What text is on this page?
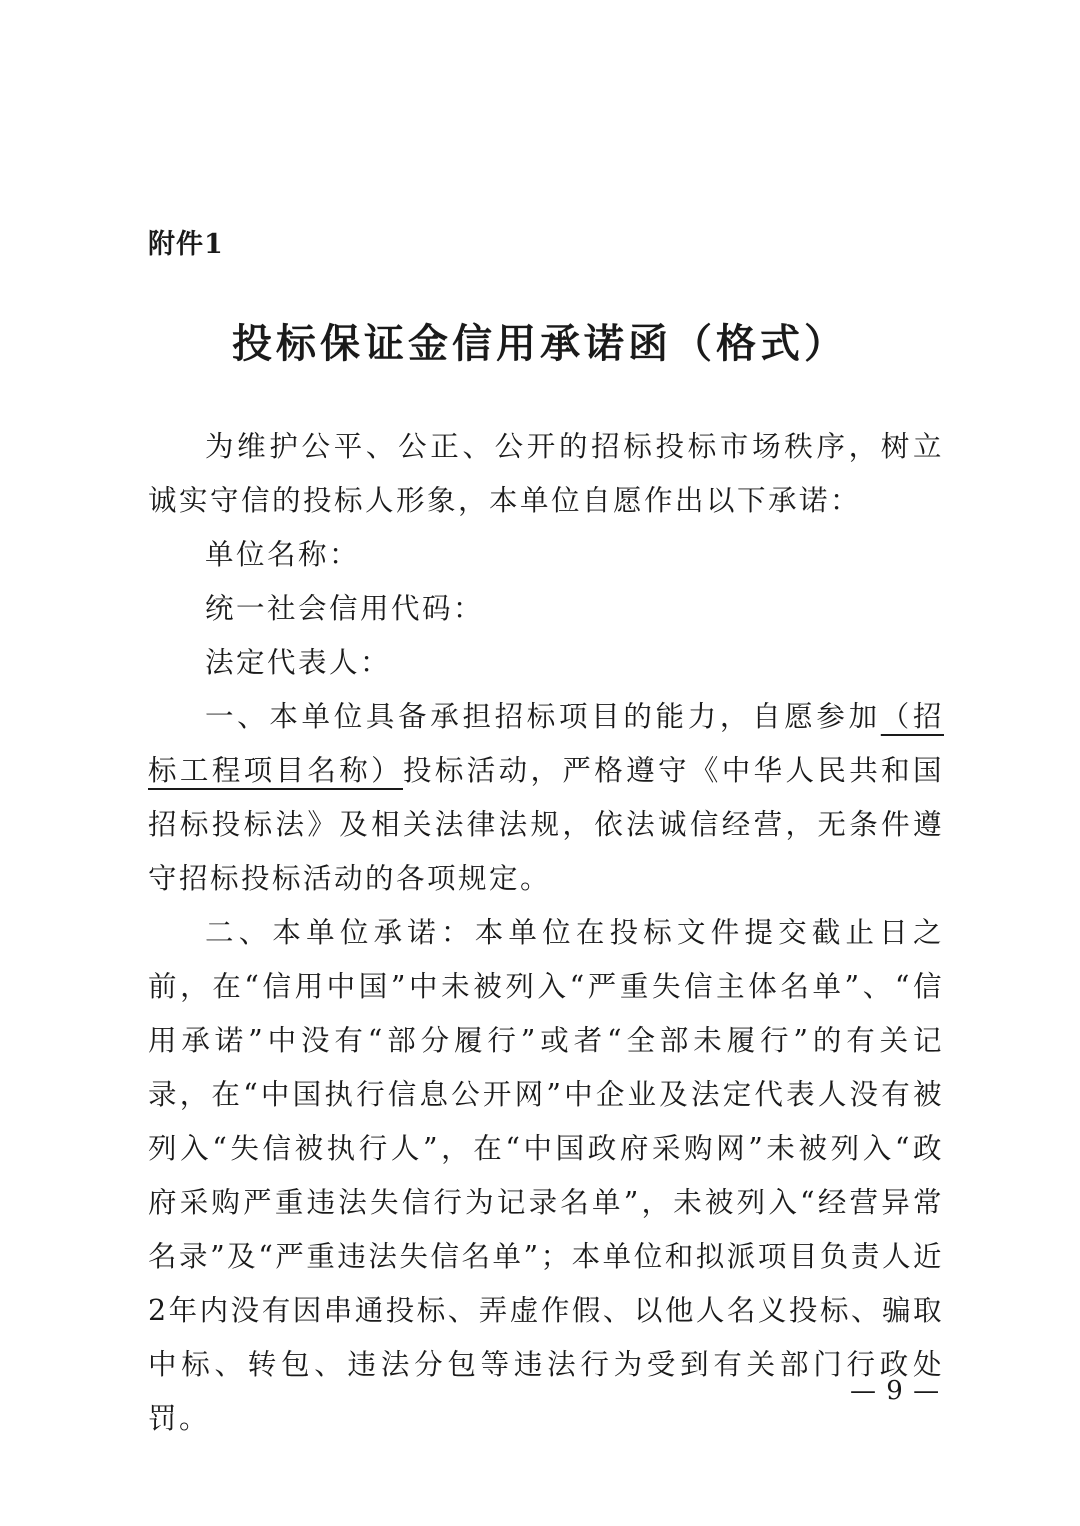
附件1
投标保证金信用承诺函（格式）

为维护公平、公正、公开的招标投标市场秩序，树立诚实守信的投标人形象，本单位自愿作出以下承诺：

单位名称：

统一社会信用代码：

法定代表人：

一、本单位具备承担招标项目的能力，自愿参加（招标工程项目名称）投标活动，严格遵守《中华人民共和国招标投标法》及相关法律法规，依法诚信经营，无条件遵守招标投标活动的各项规定。

二、本单位承诺：本单位在投标文件提交截止日之前，在“信用中国”中未被列入“严重失信主体名单”、“信用承诺”中没有“部分履行”或者“全部未履行”的有关记录，在“中国执行信息公开网”中企业及法定代表人没有被列入“失信被执行人”，在“中国政府采购网”未被列入“政府采购严重违法失信行为记录名单”，未被列入“经营异常名录”及“严重违法失信名单”；本单位和拟派项目负责人近2年内没有因串通投标、弄虚作假、以他人名义投标、骗取中标、转包、违法分包等违法行为受到有关部门行政处罚。

— 9 —
